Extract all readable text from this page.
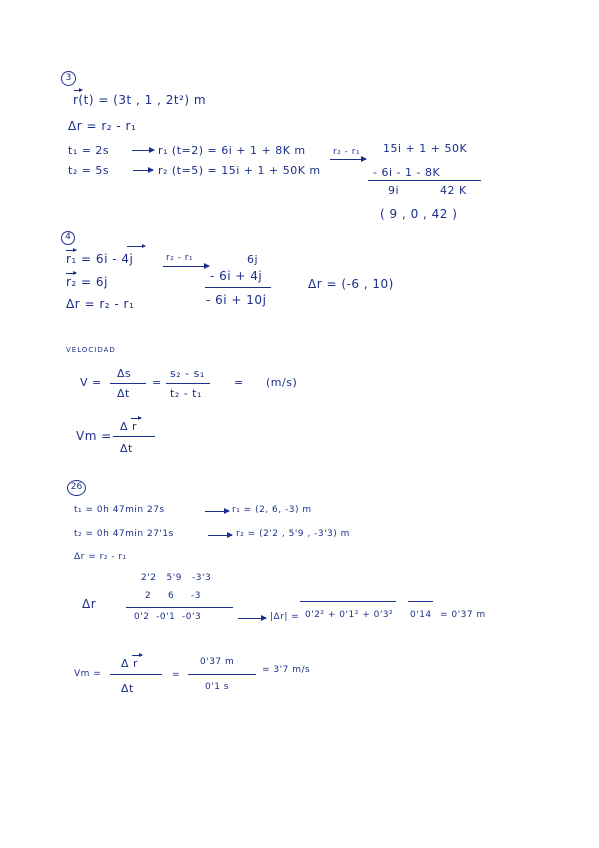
3
r(t) = (3t , 1 , 2t²) m
Δr = r₂ - r₁
t₁ = 2s	r₁ (t=2) = 6i + 1 + 8K m	r₂ - r₁
t₂ = 5s	r₂ (t=5) = 15i + 1 + 50K m
15i + 1 + 50K
- 6i - 1 - 8K
9i	42 K
( 9 , 0 , 42 )
4
r₁ = 6i - 4j
r₂ = 6j
Δr = r₂ - r₁
r₂ - r₁	6j
- 6i + 4j
- 6i + 10j
Δr = (-6 , 10)
VELOCIDAD
V =
Δs
Δt
=
s₂ - s₁
t₂ - t₁
= (m/s)
Vm =
Δ r
Δt
26
t₁ = 0h 47min 27s	r₁ = (2, 6, -3) m
t₂ = 0h 47min 27'1s	r₂ = (2'2 , 5'9 , -3'3) m
Δr = r₂ - r₁
2'2   5'9   -3'3
2     6     -3
Δr
0'2  -0'1  -0'3	|Δr| = 0'2² + 0'1² + 0'3² 0'14 = 0'37 m
Vm =
Δ r
Δt
=
0'37 m
0'1 s
= 3'7 m/s
